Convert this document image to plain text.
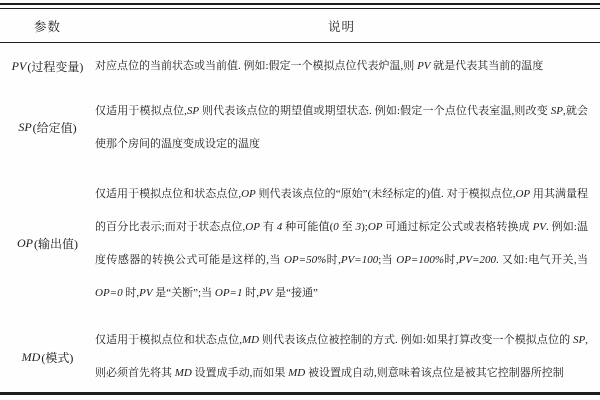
参数	说明
PV (过程变量) 对应点位的当前状态或当前值. 例如:假定一个模拟点位代表炉温,则 PV 就是代表其当前的温度
SP (给定值)
仅适用于模拟点位,SP 则代表该点位的期望值或期望状态. 例如:假定一个点位代表室温,则改变 SP,就会使那个房间的温度变成设定的温度
OP (输出值)
仅适用于模拟点位和状态点位,OP 则代表该点位的“原始”(未经标定的)值. 对于模拟点位,OP 用其满量程的百分比表示;而对于状态点位,OP 有 4 种可能值(0 至 3);OP 可通过标定公式或表格转换成 PV. 例如:温度传感器的转换公式可能是这样的,当 OP=50%时,PV=100;当 OP=100%时,PV=200. 又如:电气开关,当 OP=0 时,PV 是“关断”;当 OP=1 时,PV 是“接通”
MD (模式)
仅适用于模拟点位和状态点位,MD 则代表该点位被控制的方式. 例如:如果打算改变一个模拟点位的 SP,则必须首先将其 MD 设置成手动,而如果 MD 被设置成自动,则意味着该点位是被其它控制器所控制
